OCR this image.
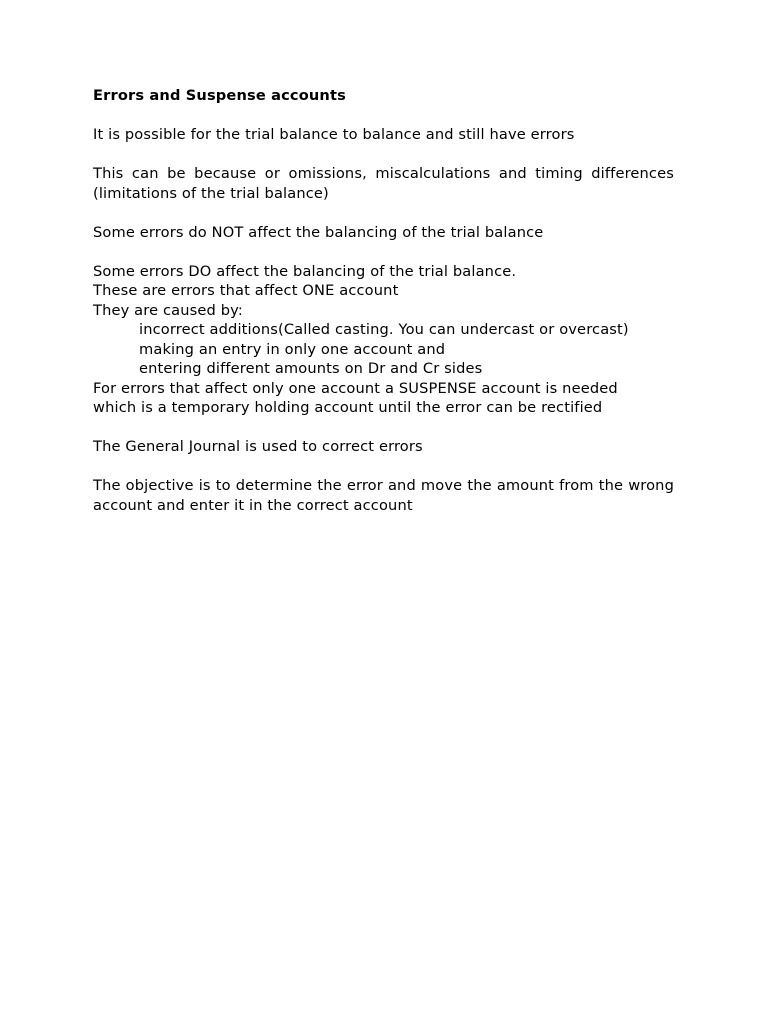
Errors and Suspense accounts
It is possible for the trial balance to balance and still have errors
This can be because or omissions, miscalculations and timing differences (limitations of the trial balance)
Some errors do NOT affect the balancing of the trial balance
Some errors DO affect the balancing of the trial balance.
These are errors that affect ONE account
They are caused by:
incorrect additions(Called casting. You can undercast or overcast)
making an entry in only one account and
entering different amounts on Dr and Cr sides
For errors that affect only one account a SUSPENSE account is needed
which is a temporary holding account until the error can be rectified
The General Journal is used to correct errors
The objective is to determine the error and move the amount from the wrong account and enter it in the correct account
